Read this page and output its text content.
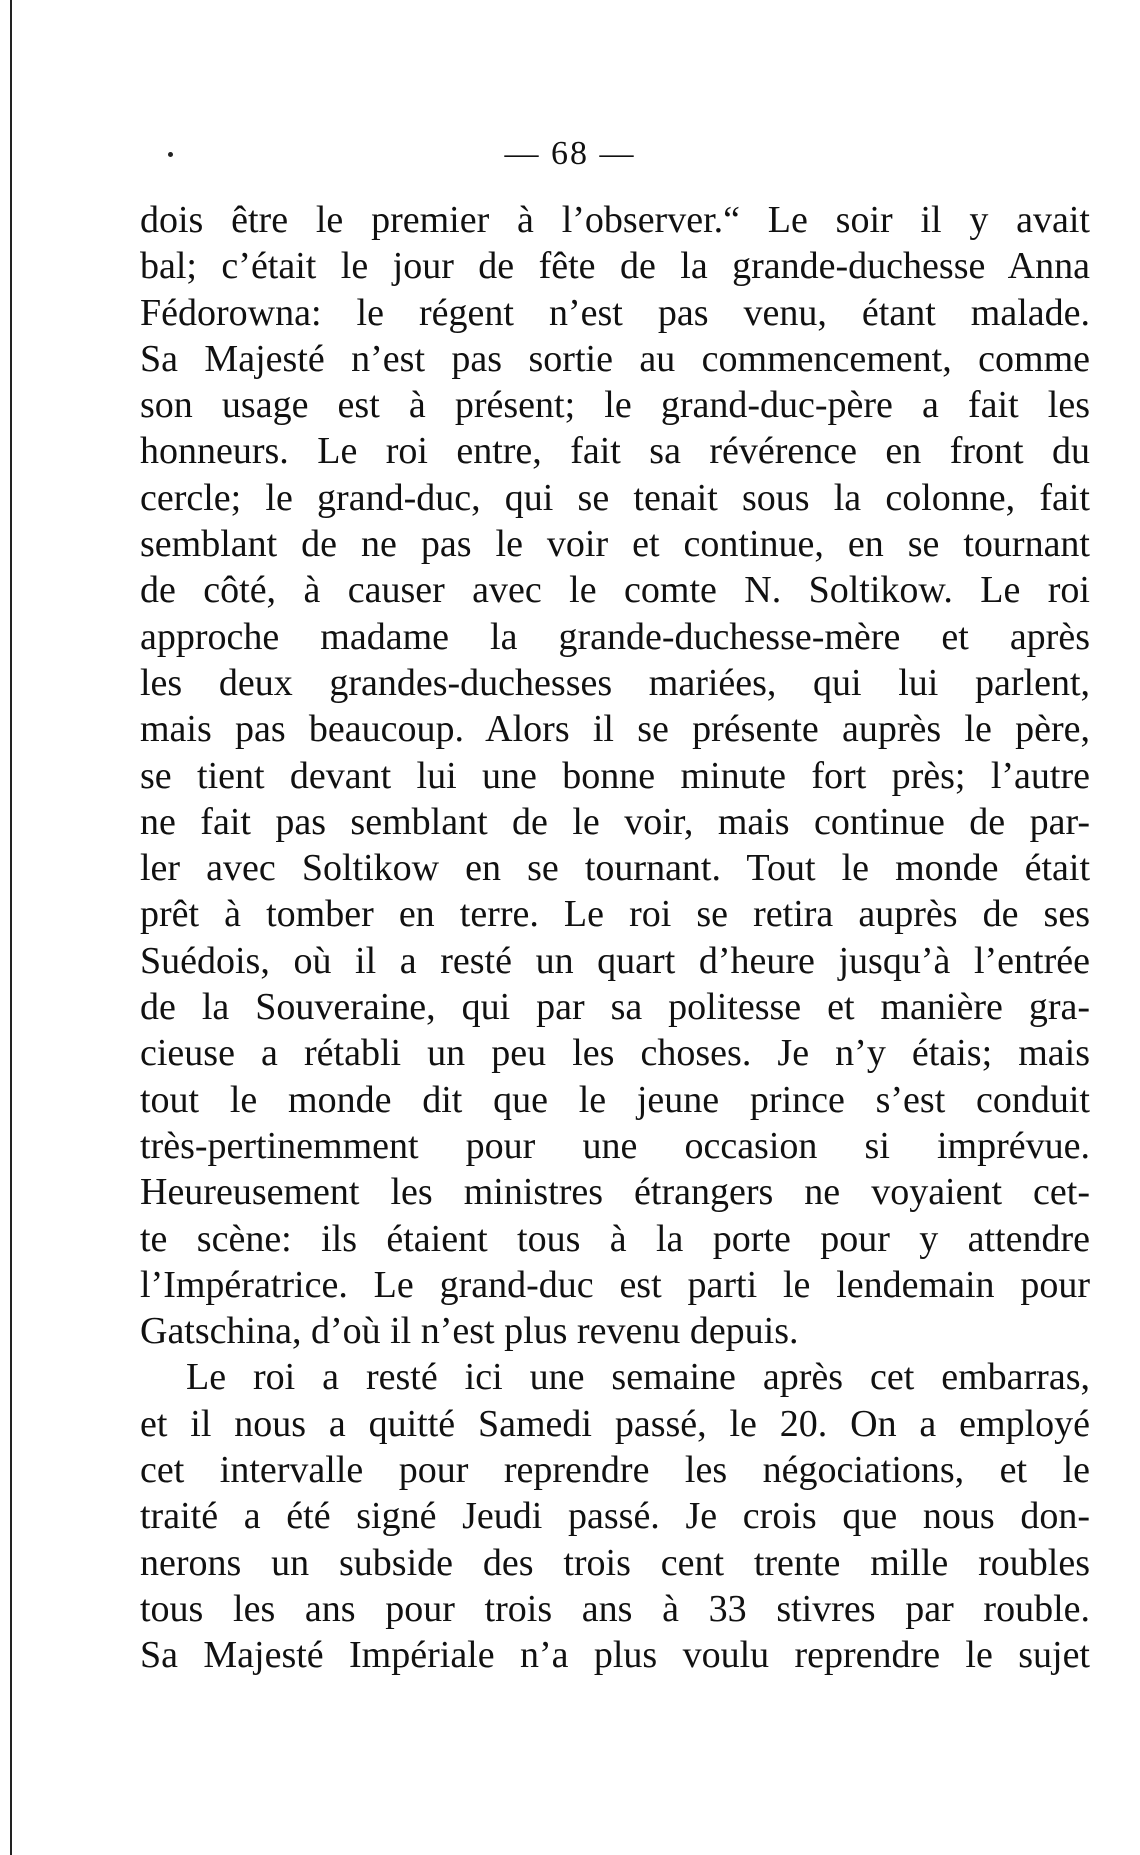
— 68 —
dois être le premier à l’observer.“ Le soir il y avait
bal; c’était le jour de fête de la grande-duchesse Anna
Fédorowna: le régent n’est pas venu, étant malade.
Sa Majesté n’est pas sortie au commencement, comme
son usage est à présent; le grand-duc-père a fait les
honneurs. Le roi entre, fait sa révérence en front du
cercle; le grand-duc, qui se tenait sous la colonne, fait
semblant de ne pas le voir et continue, en se tournant
de côté, à causer avec le comte N. Soltikow. Le roi
approche madame la grande-duchesse-mère et après
les deux grandes-duchesses mariées, qui lui parlent,
mais pas beaucoup. Alors il se présente auprès le père,
se tient devant lui une bonne minute fort près; l’autre
ne fait pas semblant de le voir, mais continue de par-
ler avec Soltikow en se tournant. Tout le monde était
prêt à tomber en terre. Le roi se retira auprès de ses
Suédois, où il a resté un quart d’heure jusqu’à l’entrée
de la Souveraine, qui par sa politesse et manière gra-
cieuse a rétabli un peu les choses. Je n’y étais; mais
tout le monde dit que le jeune prince s’est conduit
très-pertinemment pour une occasion si imprévue.
Heureusement les ministres étrangers ne voyaient cet-
te scène: ils étaient tous à la porte pour y attendre
l’Impératrice. Le grand-duc est parti le lendemain pour
Gatschina, d’où il n’est plus revenu depuis.
Le roi a resté ici une semaine après cet embarras,
et il nous a quitté Samedi passé, le 20. On a employé
cet intervalle pour reprendre les négociations, et le
traité a été signé Jeudi passé. Je crois que nous don-
nerons un subside des trois cent trente mille roubles
tous les ans pour trois ans à 33 stivres par rouble.
Sa Majesté Impériale n’a plus voulu reprendre le sujet
